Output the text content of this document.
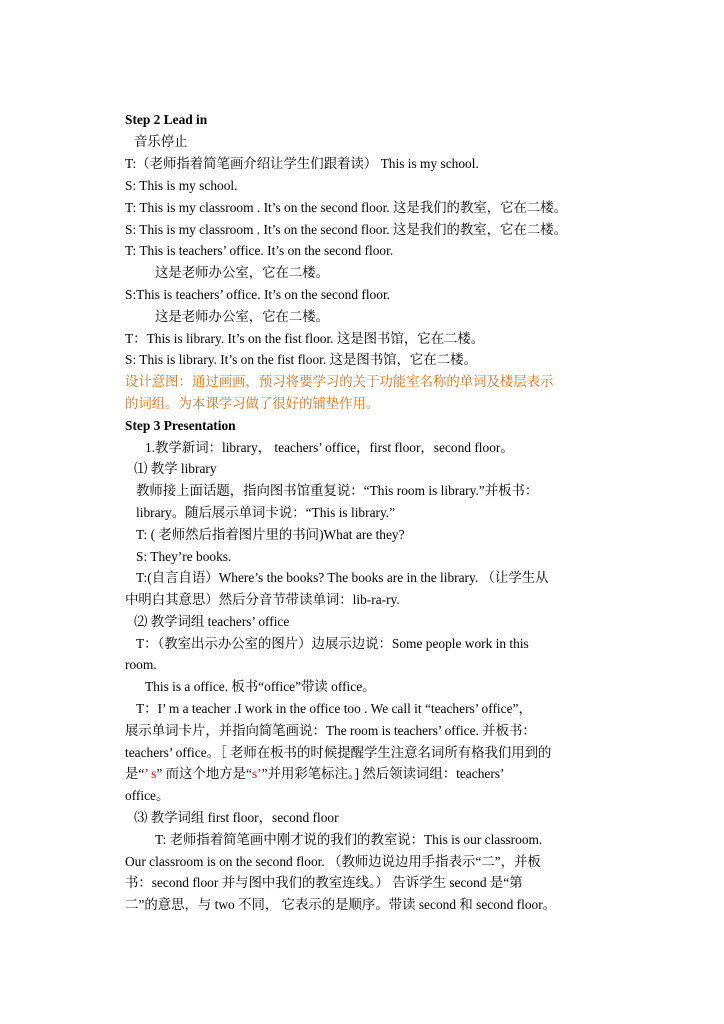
Step 2 Lead in
音乐停止
T:（老师指着简笔画介绍让学生们跟着读） This is my school.
S: This is my school.
T: This is my classroom . It’s on the second floor. 这是我们的教室，它在二楼。
S: This is my classroom . It’s on the second floor. 这是我们的教室，它在二楼。
T: This is teachers’ office. It’s on the second floor.
这是老师办公室，它在二楼。
S:This is teachers’ office. It’s on the second floor.
这是老师办公室，它在二楼。
T：This is library. It’s on the fist floor. 这是图书馆，它在二楼。
S: This is library. It’s on the fist floor. 这是图书馆，它在二楼。
设计意图：通过画画，预习将要学习的关于功能室名称的单词及楼层表示
的词组。为本课学习做了很好的铺垫作用。
Step 3 Presentation
1.教学新词：library， teachers’ office，first floor，second floor。
⑴ 教学 library
教师接上面话题，指向图书馆重复说：“This room is library.”并板书：
library。随后展示单词卡说：“This is library.”
T: ( 老师然后指着图片里的书问)What are they?
S: They’re books.
T:(自言自语）Where’s the books? The books are in the library. （让学生从
中明白其意思）然后分音节带读单词：lib-ra-ry.
⑵ 教学词组 teachers’ office
T：（教室出示办公室的图片）边展示边说：Some people work in this
room.
This is a office. 板书“office”带读 office。
T：I’ m a teacher .I work in the office too . We call it “teachers’ office”，
展示单词卡片，并指向简笔画说：The room is teachers’ office. 并板书：
teachers’ office。［ 老师在板书的时候提醒学生注意名词所有格我们用到的
是“’ s” 而这个地方是“s’”并用彩笔标注。] 然后领读词组：teachers’
office。
⑶ 教学词组 first floor，second floor
T: 老师指着简笔画中刚才说的我们的教室说：This is our classroom.
Our classroom is on the second floor. （教师边说边用手指表示“二”，并板
书：second floor 并与图中我们的教室连线。） 告诉学生 second 是“第
二”的意思，与 two 不同， 它表示的是顺序。带读 second 和 second floor。
